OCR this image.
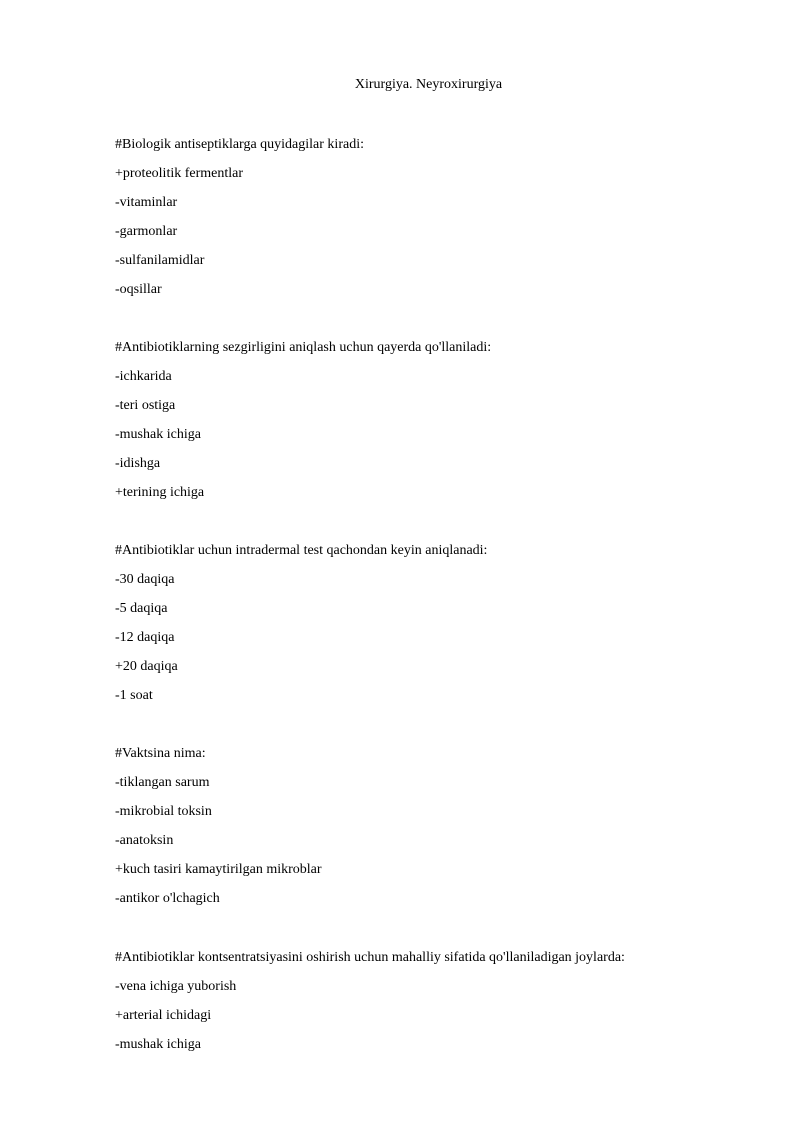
Xirurgiya. Neyroxirurgiya
#Biologik antiseptiklarga quyidagilar kiradi:
+proteolitik fermentlar
-vitaminlar
-garmonlar
-sulfanilamidlar
-oqsillar
#Antibiotiklarning sezgirligini aniqlash uchun qayerda qo'llaniladi:
-ichkarida
-teri ostiga
-mushak ichiga
-idishga
+terining ichiga
#Antibiotiklar uchun intradermal test qachondan keyin aniqlanadi:
-30 daqiqa
-5 daqiqa
-12 daqiqa
+20 daqiqa
-1 soat
#Vaktsina nima:
-tiklangan sarum
-mikrobial toksin
-anatoksin
+kuch tasiri kamaytirilgan mikroblar
-antikor o'lchagich
#Antibiotiklar kontsentratsiyasini oshirish uchun mahalliy sifatida qo'llaniladigan joylarda:
-vena ichiga yuborish
+arterial ichidagi
-mushak ichiga
